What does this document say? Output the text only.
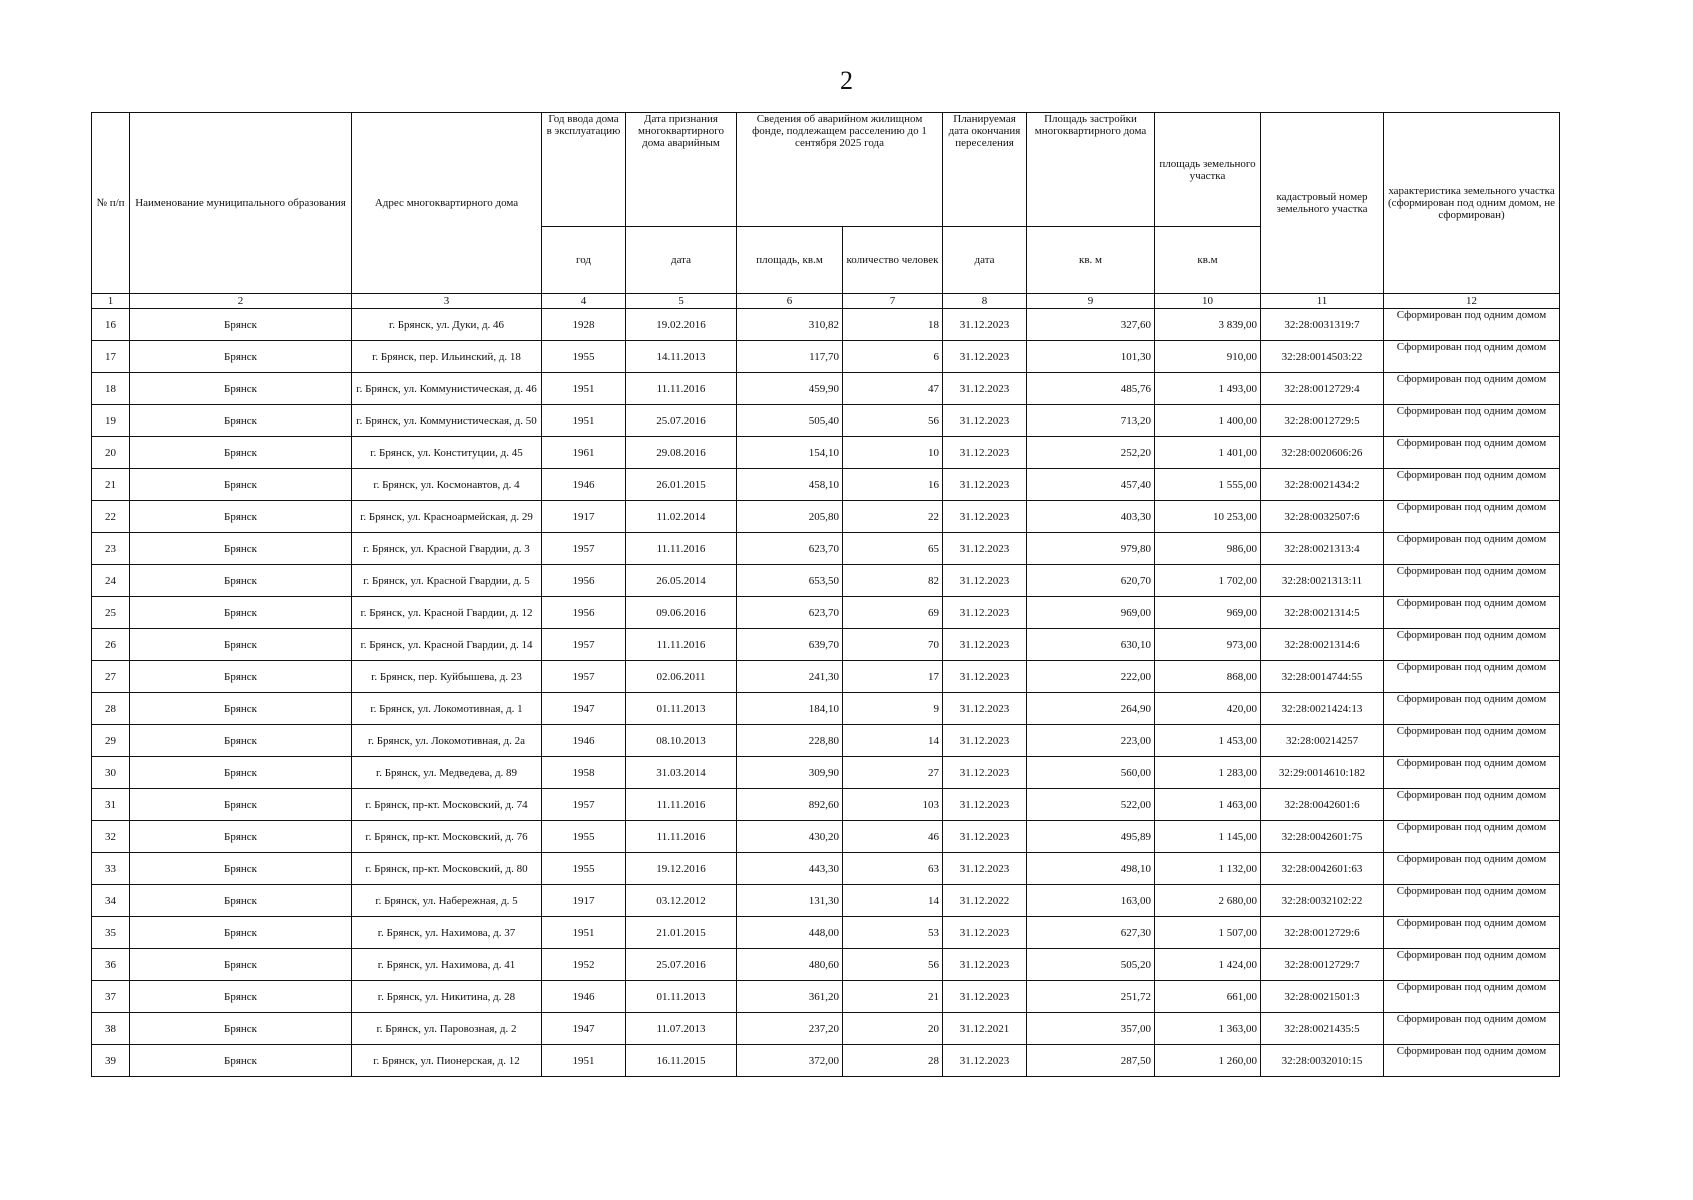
2
№ п/п	Наименование муниципального образования	Адрес многоквартирного дома	Год ввода дома в эксплуатацию	Дата признания многоквартирного дома аварийным	Сведения об аварийном жилищном фонде, подлежащем расселению до 1 сентября 2025 года		Планируемая дата окончания переселения	Площадь застройки многоквартирного дома	площадь земельного участка	кадастровый номер земельного участка	характеристика земельного участка (сформирован под одним домом, не сформирован)
			год	дата	площадь, кв.м	количество человек	дата	кв. м	кв.м		
1	2	3	4	5	6	7	8	9	10	11	12
16	Брянск	г. Брянск, ул. Дуки, д. 46	1928	19.02.2016	310,82	18	31.12.2023	327,60	3 839,00	32:28:0031319:7	Сформирован под одним домом
17	Брянск	г. Брянск, пер. Ильинский, д. 18	1955	14.11.2013	117,70	6	31.12.2023	101,30	910,00	32:28:0014503:22	Сформирован под одним домом
18	Брянск	г. Брянск, ул. Коммунистическая, д. 46	1951	11.11.2016	459,90	47	31.12.2023	485,76	1 493,00	32:28:0012729:4	Сформирован под одним домом
19	Брянск	г. Брянск, ул. Коммунистическая, д. 50	1951	25.07.2016	505,40	56	31.12.2023	713,20	1 400,00	32:28:0012729:5	Сформирован под одним домом
20	Брянск	г. Брянск, ул. Конституции, д. 45	1961	29.08.2016	154,10	10	31.12.2023	252,20	1 401,00	32:28:0020606:26	Сформирован под одним домом
21	Брянск	г. Брянск, ул. Космонавтов, д. 4	1946	26.01.2015	458,10	16	31.12.2023	457,40	1 555,00	32:28:0021434:2	Сформирован под одним домом
22	Брянск	г. Брянск, ул. Красноармейская, д. 29	1917	11.02.2014	205,80	22	31.12.2023	403,30	10 253,00	32:28:0032507:6	Сформирован под одним домом
23	Брянск	г. Брянск, ул. Красной Гвардии, д. 3	1957	11.11.2016	623,70	65	31.12.2023	979,80	986,00	32:28:0021313:4	Сформирован под одним домом
24	Брянск	г. Брянск, ул. Красной Гвардии, д. 5	1956	26.05.2014	653,50	82	31.12.2023	620,70	1 702,00	32:28:0021313:11	Сформирован под одним домом
25	Брянск	г. Брянск, ул. Красной Гвардии, д. 12	1956	09.06.2016	623,70	69	31.12.2023	969,00	969,00	32:28:0021314:5	Сформирован под одним домом
26	Брянск	г. Брянск, ул. Красной Гвардии, д. 14	1957	11.11.2016	639,70	70	31.12.2023	630,10	973,00	32:28:0021314:6	Сформирован под одним домом
27	Брянск	г. Брянск, пер. Куйбышева, д. 23	1957	02.06.2011	241,30	17	31.12.2023	222,00	868,00	32:28:0014744:55	Сформирован под одним домом
28	Брянск	г. Брянск, ул. Локомотивная, д. 1	1947	01.11.2013	184,10	9	31.12.2023	264,90	420,00	32:28:0021424:13	Сформирован под одним домом
29	Брянск	г. Брянск, ул. Локомотивная, д. 2а	1946	08.10.2013	228,80	14	31.12.2023	223,00	1 453,00	32:28:00214257	Сформирован под одним домом
30	Брянск	г. Брянск, ул. Медведева, д. 89	1958	31.03.2014	309,90	27	31.12.2023	560,00	1 283,00	32:29:0014610:182	Сформирован под одним домом
31	Брянск	г. Брянск, пр-кт. Московский, д. 74	1957	11.11.2016	892,60	103	31.12.2023	522,00	1 463,00	32:28:0042601:6	Сформирован под одним домом
32	Брянск	г. Брянск, пр-кт. Московский, д. 76	1955	11.11.2016	430,20	46	31.12.2023	495,89	1 145,00	32:28:0042601:75	Сформирован под одним домом
33	Брянск	г. Брянск, пр-кт. Московский, д. 80	1955	19.12.2016	443,30	63	31.12.2023	498,10	1 132,00	32:28:0042601:63	Сформирован под одним домом
34	Брянск	г. Брянск, ул. Набережная, д. 5	1917	03.12.2012	131,30	14	31.12.2022	163,00	2 680,00	32:28:0032102:22	Сформирован под одним домом
35	Брянск	г. Брянск, ул. Нахимова, д. 37	1951	21.01.2015	448,00	53	31.12.2023	627,30	1 507,00	32:28:0012729:6	Сформирован под одним домом
36	Брянск	г. Брянск, ул. Нахимова, д. 41	1952	25.07.2016	480,60	56	31.12.2023	505,20	1 424,00	32:28:0012729:7	Сформирован под одним домом
37	Брянск	г. Брянск, ул. Никитина, д. 28	1946	01.11.2013	361,20	21	31.12.2023	251,72	661,00	32:28:0021501:3	Сформирован под одним домом
38	Брянск	г. Брянск, ул. Паровозная, д. 2	1947	11.07.2013	237,20	20	31.12.2021	357,00	1 363,00	32:28:0021435:5	Сформирован под одним домом
39	Брянск	г. Брянск, ул. Пионерская, д. 12	1951	16.11.2015	372,00	28	31.12.2023	287,50	1 260,00	32:28:0032010:15	Сформирован под одним домом
